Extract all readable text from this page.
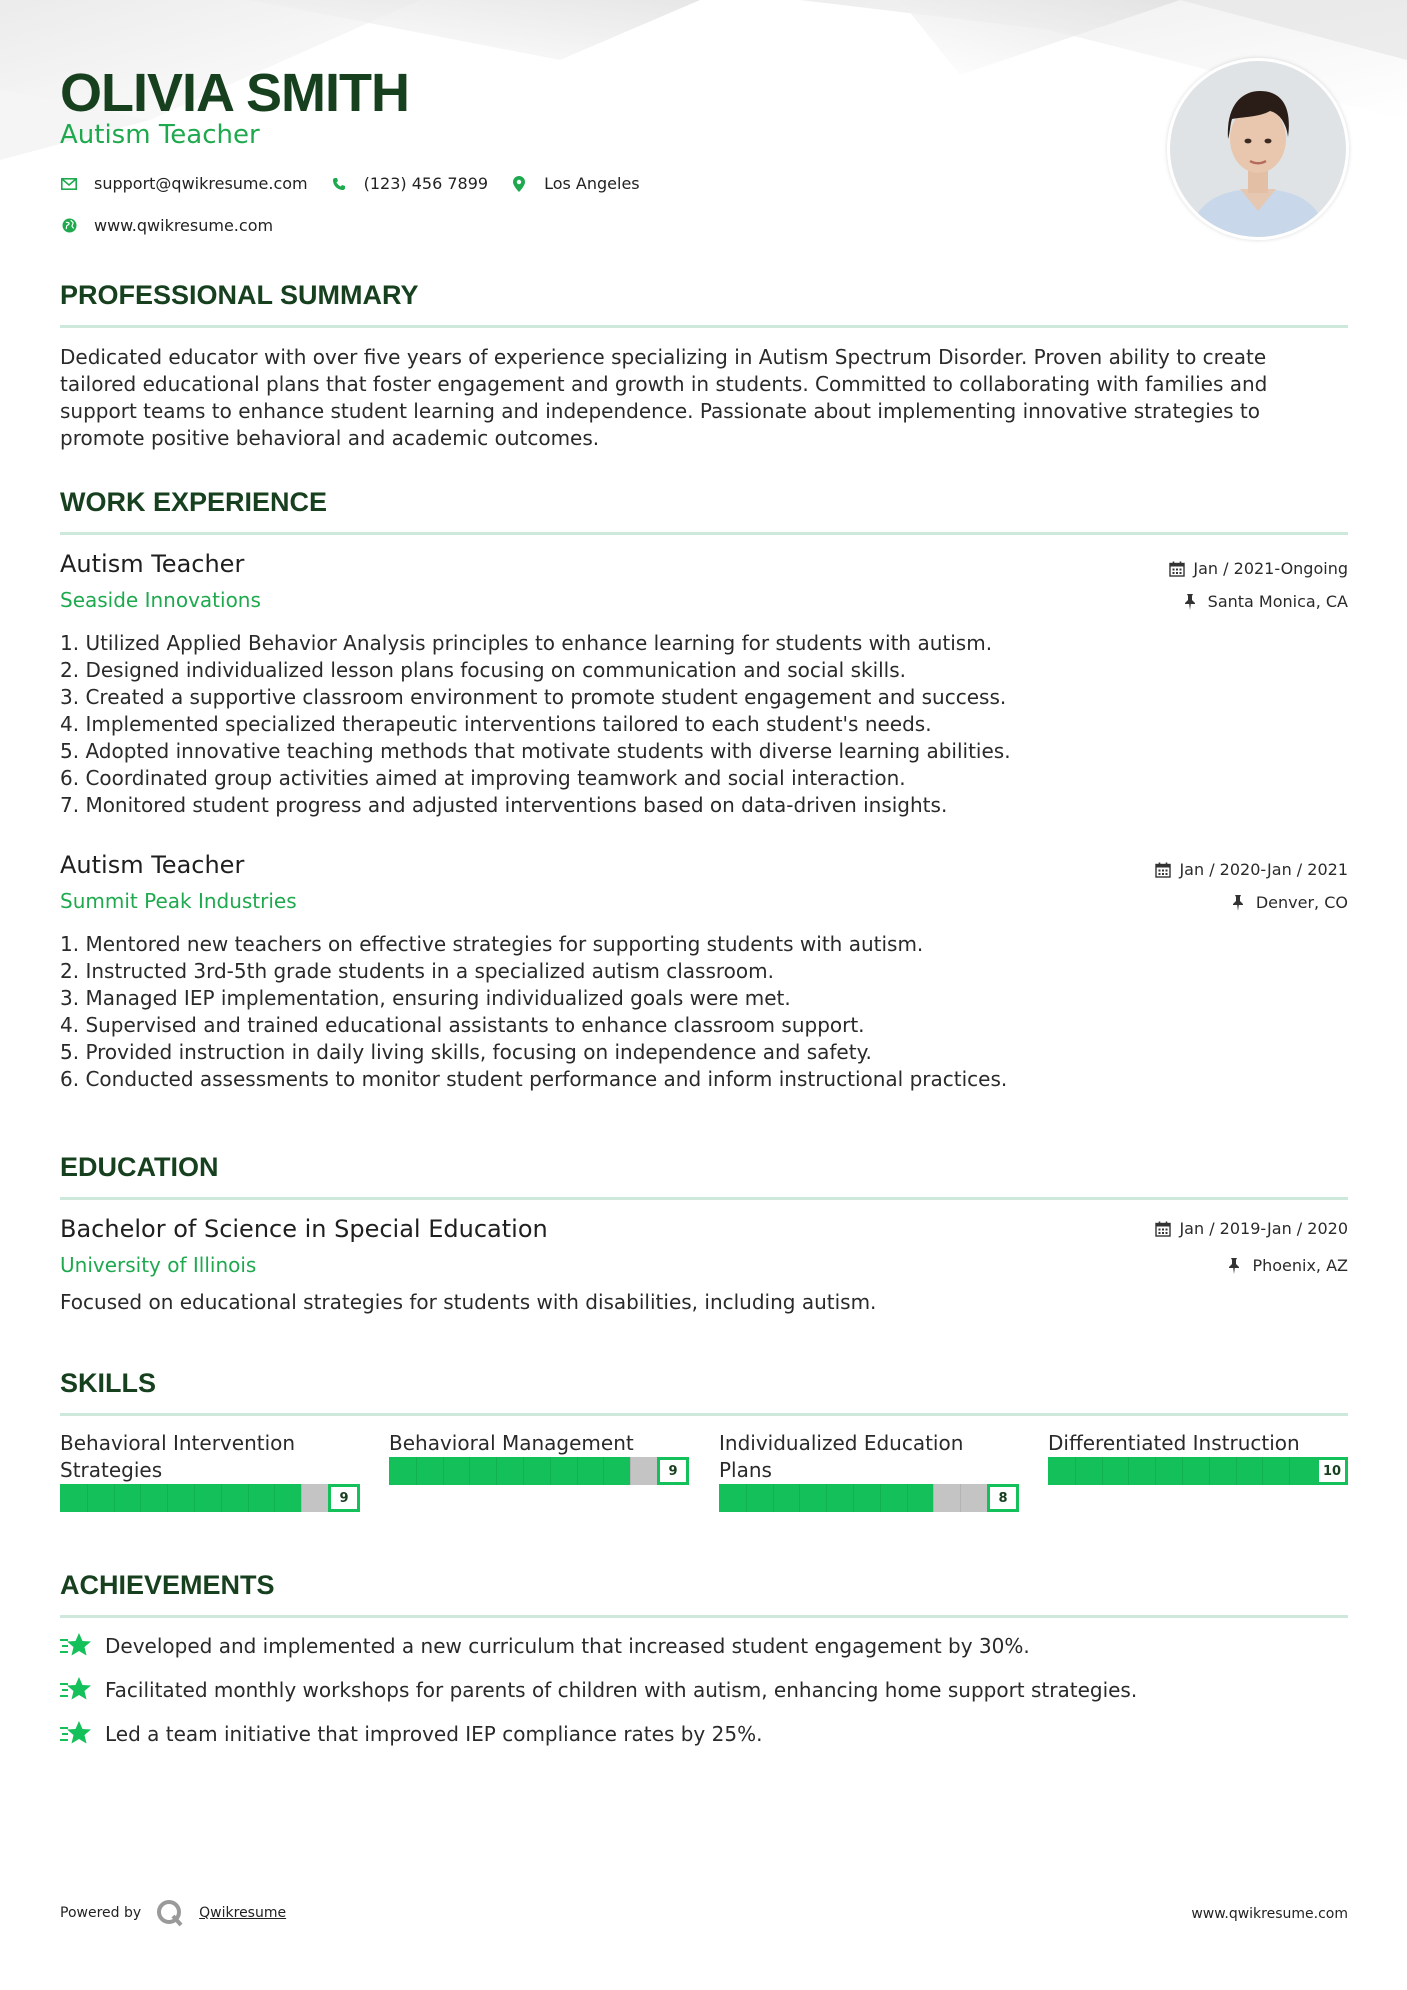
OLIVIA SMITH
Autism Teacher
support@qwikresume.com	(123) 456 7899	Los Angeles
www.qwikresume.com
PROFESSIONAL SUMMARY
Dedicated educator with over five years of experience specializing in Autism Spectrum Disorder. Proven ability to create tailored educational plans that foster engagement and growth in students. Committed to collaborating with families and support teams to enhance student learning and independence. Passionate about implementing innovative strategies to promote positive behavioral and academic outcomes.
WORK EXPERIENCE
Autism Teacher
Seaside Innovations
Jan / 2021-Ongoing
Santa Monica, CA
1. Utilized Applied Behavior Analysis principles to enhance learning for students with autism.
2. Designed individualized lesson plans focusing on communication and social skills.
3. Created a supportive classroom environment to promote student engagement and success.
4. Implemented specialized therapeutic interventions tailored to each student's needs.
5. Adopted innovative teaching methods that motivate students with diverse learning abilities.
6. Coordinated group activities aimed at improving teamwork and social interaction.
7. Monitored student progress and adjusted interventions based on data-driven insights.
Autism Teacher
Summit Peak Industries
Jan / 2020-Jan / 2021
Denver, CO
1. Mentored new teachers on effective strategies for supporting students with autism.
2. Instructed 3rd-5th grade students in a specialized autism classroom.
3. Managed IEP implementation, ensuring individualized goals were met.
4. Supervised and trained educational assistants to enhance classroom support.
5. Provided instruction in daily living skills, focusing on independence and safety.
6. Conducted assessments to monitor student performance and inform instructional practices.
EDUCATION
Bachelor of Science in Special Education
University of Illinois
Jan / 2019-Jan / 2020
Phoenix, AZ
Focused on educational strategies for students with disabilities, including autism.
SKILLS
Behavioral Intervention Strategies
9
Behavioral Management
9
Individualized Education Plans
8
Differentiated Instruction
10
ACHIEVEMENTS
Developed and implemented a new curriculum that increased student engagement by 30%.
Facilitated monthly workshops for parents of children with autism, enhancing home support strategies.
Led a team initiative that improved IEP compliance rates by 25%.
Powered by	Qwikresume	www.qwikresume.com
